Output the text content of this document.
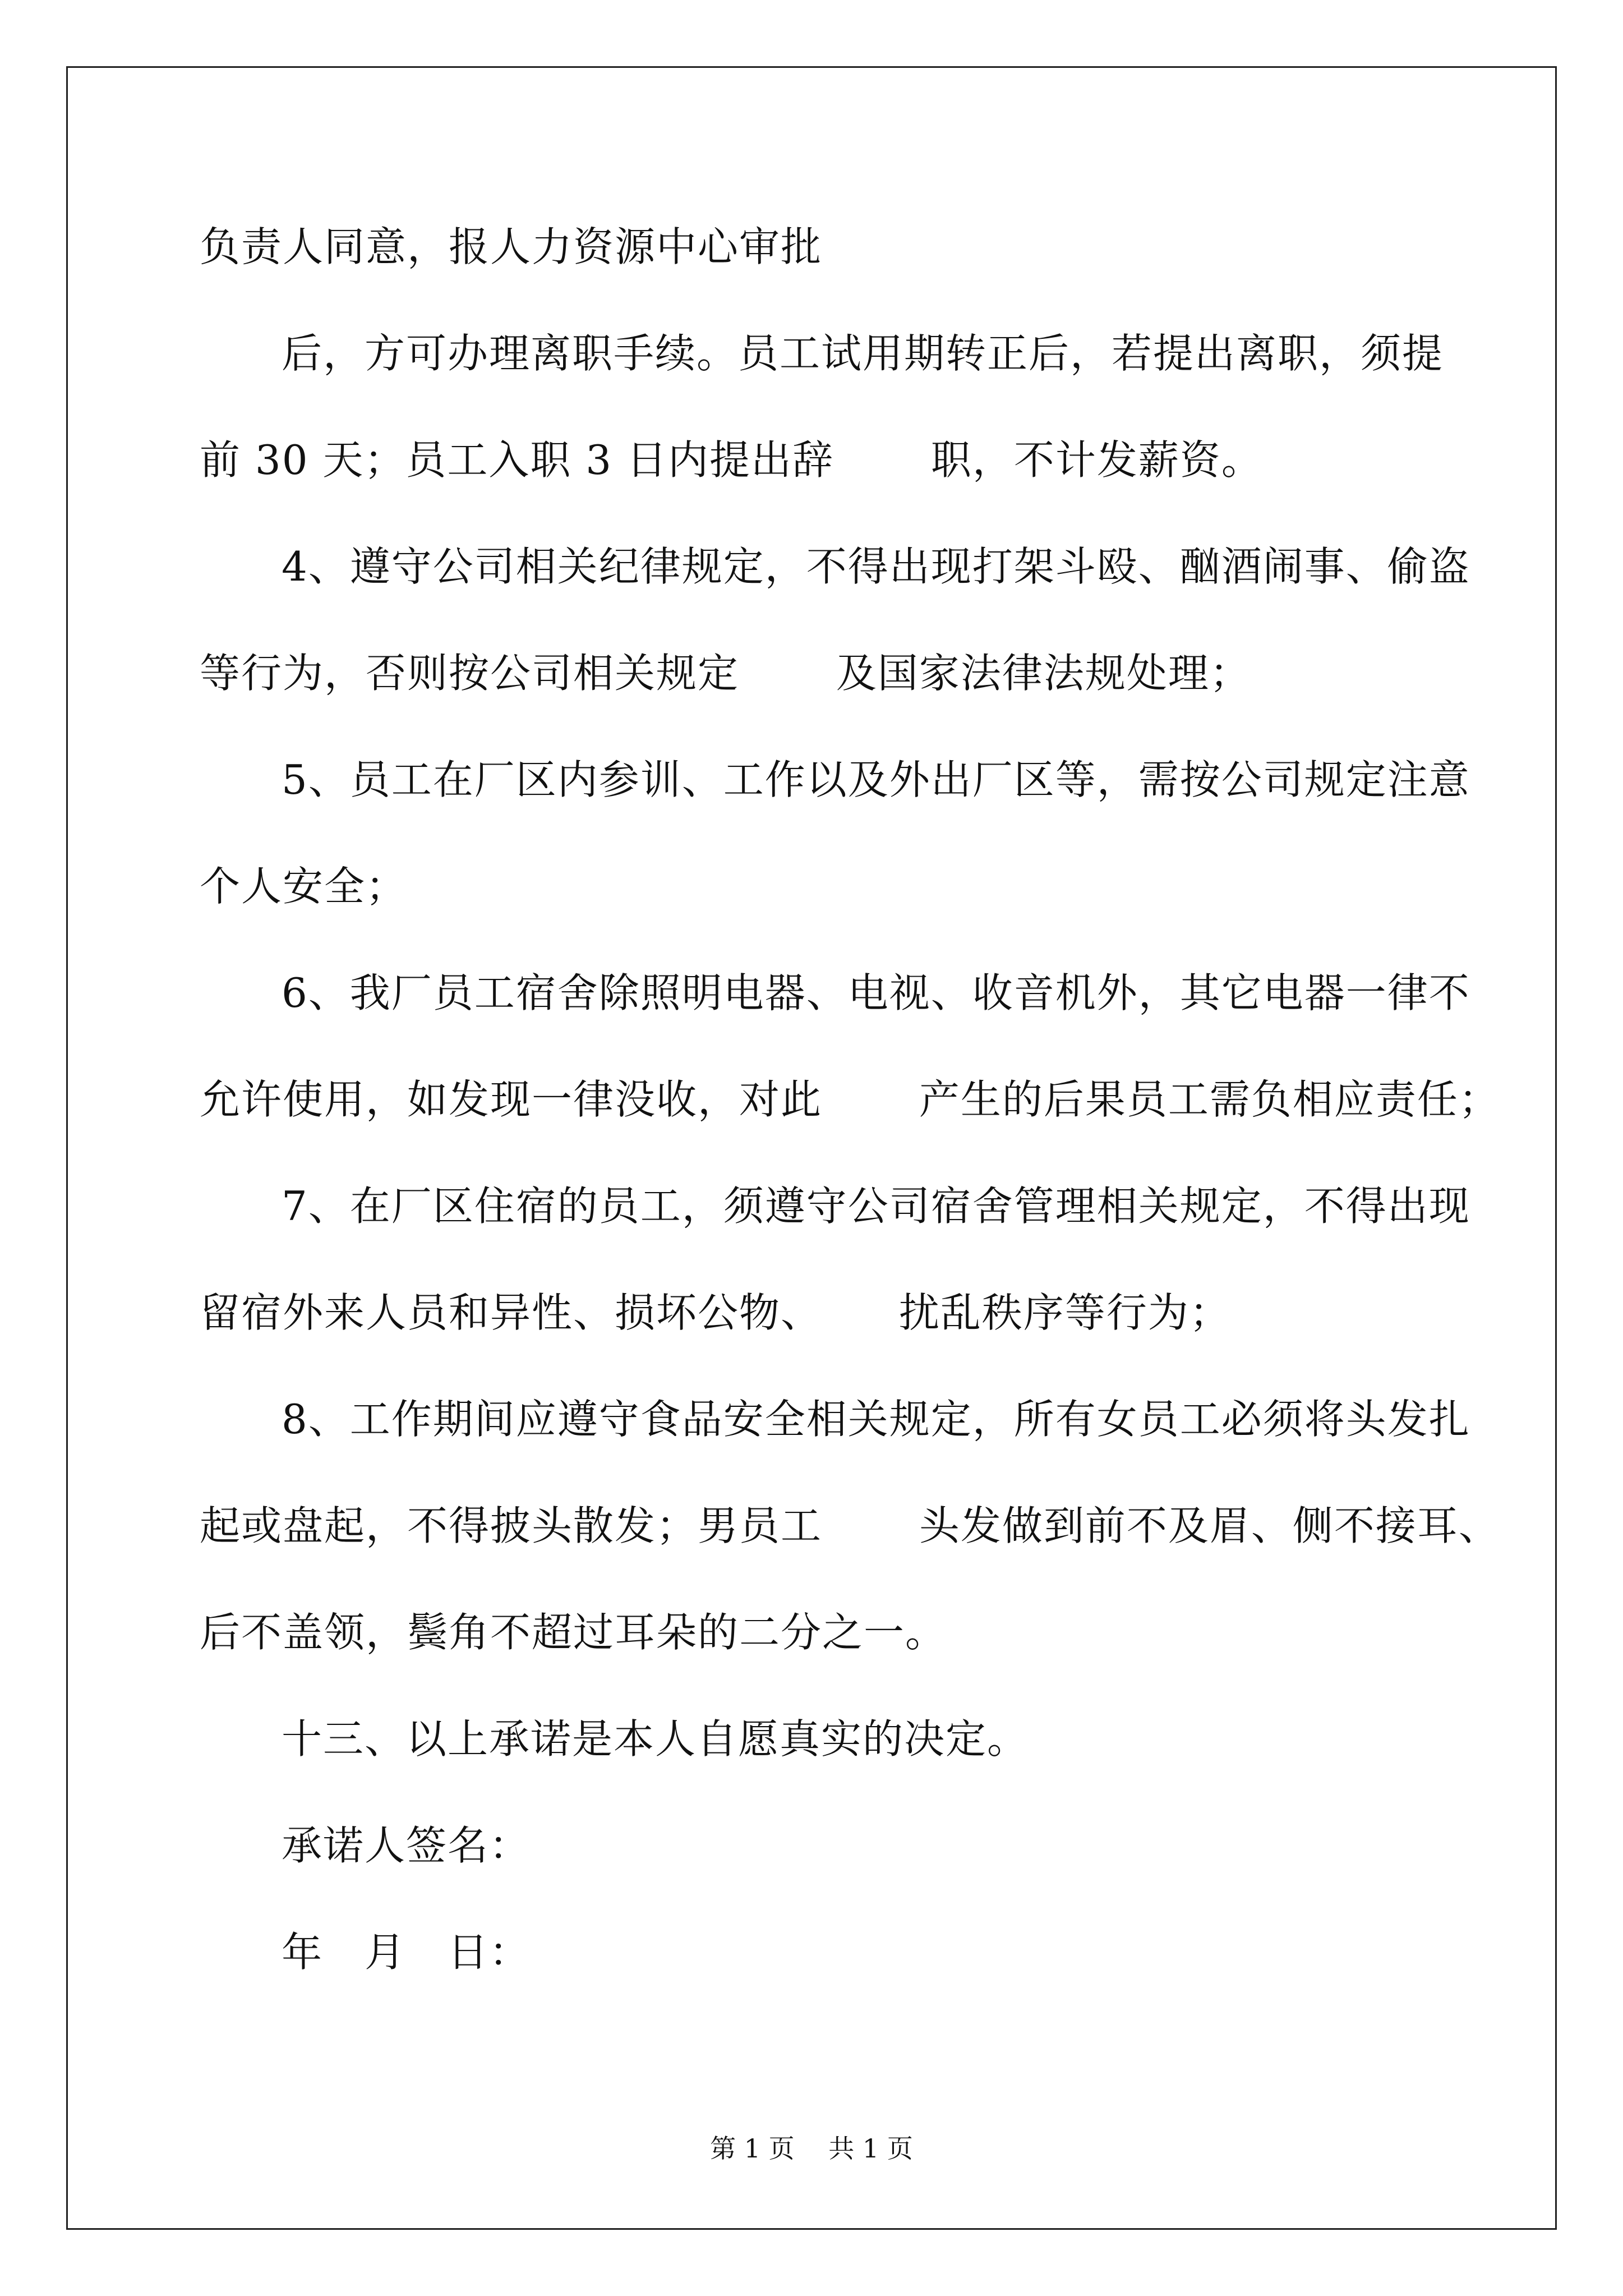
负责人同意，报人力资源中心审批
后，方可办理离职手续。员工试用期转正后，若提出离职，须提
前 30 天；员工入职 3 日内提出辞　　 职，不计发薪资。
4、遵守公司相关纪律规定，不得出现打架斗殴、酗酒闹事、偷盗
等行为，否则按公司相关规定　　 及国家法律法规处理；
5、员工在厂区内参训、工作以及外出厂区等，需按公司规定注意
个人安全；
6、我厂员工宿舍除照明电器、电视、收音机外，其它电器一律不
允许使用，如发现一律没收，对此　　 产生的后果员工需负相应责任；
7、在厂区住宿的员工，须遵守公司宿舍管理相关规定，不得出现
留宿外来人员和异性、损坏公物、　　 扰乱秩序等行为；
8、工作期间应遵守食品安全相关规定，所有女员工必须将头发扎
起或盘起，不得披头散发；男员工　　 头发做到前不及眉、侧不接耳、
后不盖领，鬓角不超过耳朵的二分之一。
十三、以上承诺是本人自愿真实的决定。
承诺人签名：
年　月　日：
第 1 页　 共 1 页
